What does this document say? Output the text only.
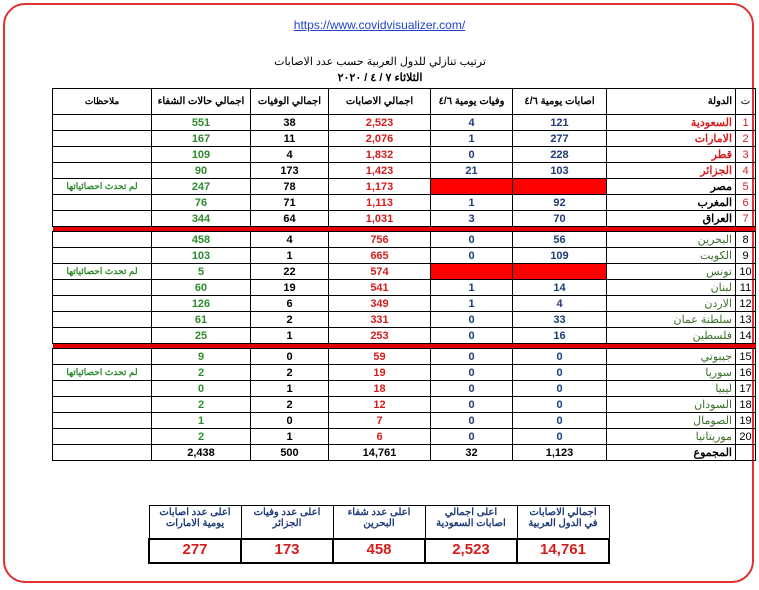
https://www.covidvisualizer.com/
ترتيب تنازلي للدول العربية حسب عدد الاصابات
الثلاثاء ٧ / ٤ / ٢٠٢٠
ت	الدولة	اصابات يومية ٤/٦	وفيات يومية ٤/٦	اجمالي الاصابات	اجمالي الوفيات	اجمالي حالات الشفاء	ملاحظات
1	السعودية	121	4	2,523	38	551	
2	الامارات	277	1	2,076	11	167	
3	قطر	228	0	1,832	4	109	
4	الجزائر	103	21	1,423	173	90	
5	مصر			1,173	78	247	لم تحدث احصائياتها
6	المغرب	92	1	1,113	71	76	
7	العراق	70	3	1,031	64	344	

8	البحرين	56	0	756	4	458	
9	الكويت	109	0	665	1	103	
10	تونس			574	22	5	لم تحدث احصائياتها
11	لبنان	14	1	541	19	60	
12	الاردن	4	1	349	6	126	
13	سلطنة عمان	33	0	331	2	61	
14	فلسطين	16	0	253	1	25	

15	جيبوتي	0	0	59	0	9	
16	سوريا	0	0	19	2	2	لم تحدث احصائياتها
17	ليبيا	0	0	18	1	0	
18	السودان	0	0	12	2	2	
19	الصومال	0	0	7	0	1	
20	موريتانيا	0	0	6	1	2	
	المجموع	1,123	32	14,761	500	2,438	
اجمالي الاصابات في الدول العربية	اعلى اجمالي اصابات السعودية	اعلى عدد شفاء البحرين	اعلى عدد وفيات الجزائر	اعلى عدد اصابات يومية الامارات
14,761	2,523	458	173	277
